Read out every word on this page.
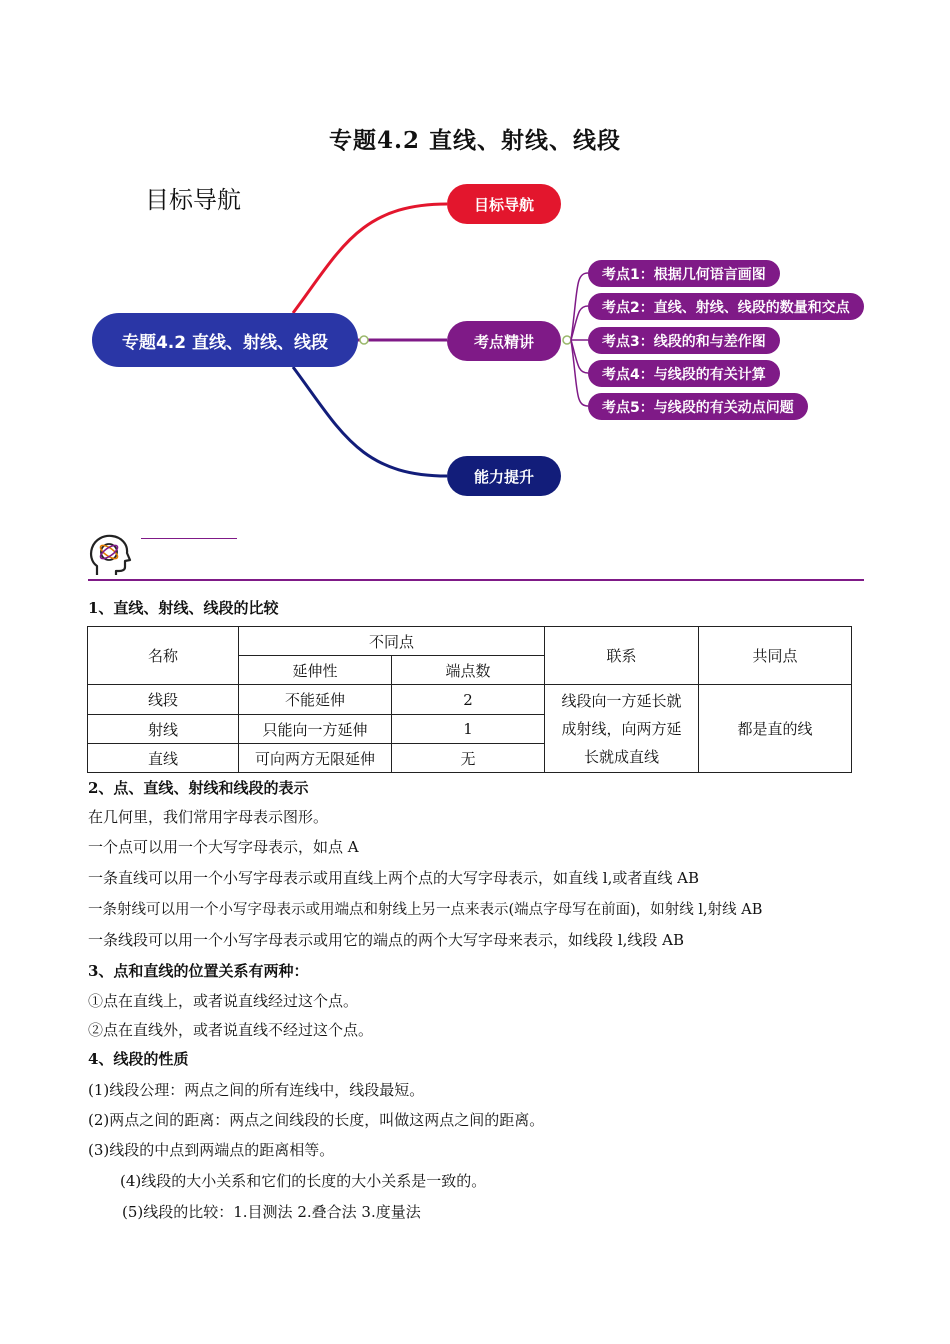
专题4.2 直线、射线、线段
目标导航
专题4.2 直线、射线、线段
目标导航
考点精讲
能力提升
考点1：根据几何语言画图
考点2：直线、射线、线段的数量和交点
考点3：线段的和与差作图
考点4：与线段的有关计算
考点5：与线段的有关动点问题
1、直线、射线、线段的比较
名称	不同点		联系	共同点
	延伸性	端点数		
线段	不能延伸	2	线段向一方延长就
成射线，向两方延
长就成直线	都是直的线
射线	只能向一方延伸	1		
直线	可向两方无限延伸	无		
2、点、直线、射线和线段的表示
在几何里，我们常用字母表示图形。
一个点可以用一个大写字母表示，如点 A
一条直线可以用一个小写字母表示或用直线上两个点的大写字母表示，如直线 l,或者直线 AB
一条射线可以用一个小写字母表示或用端点和射线上另一点来表示(端点字母写在前面)，如射线 l,射线 AB
一条线段可以用一个小写字母表示或用它的端点的两个大写字母来表示，如线段 l,线段 AB
3、点和直线的位置关系有两种：
①点在直线上，或者说直线经过这个点。
②点在直线外，或者说直线不经过这个点。
4、线段的性质
(1)线段公理：两点之间的所有连线中，线段最短。
(2)两点之间的距离：两点之间线段的长度，叫做这两点之间的距离。
(3)线段的中点到两端点的距离相等。
(4)线段的大小关系和它们的长度的大小关系是一致的。
(5)线段的比较：1.目测法 2.叠合法 3.度量法
